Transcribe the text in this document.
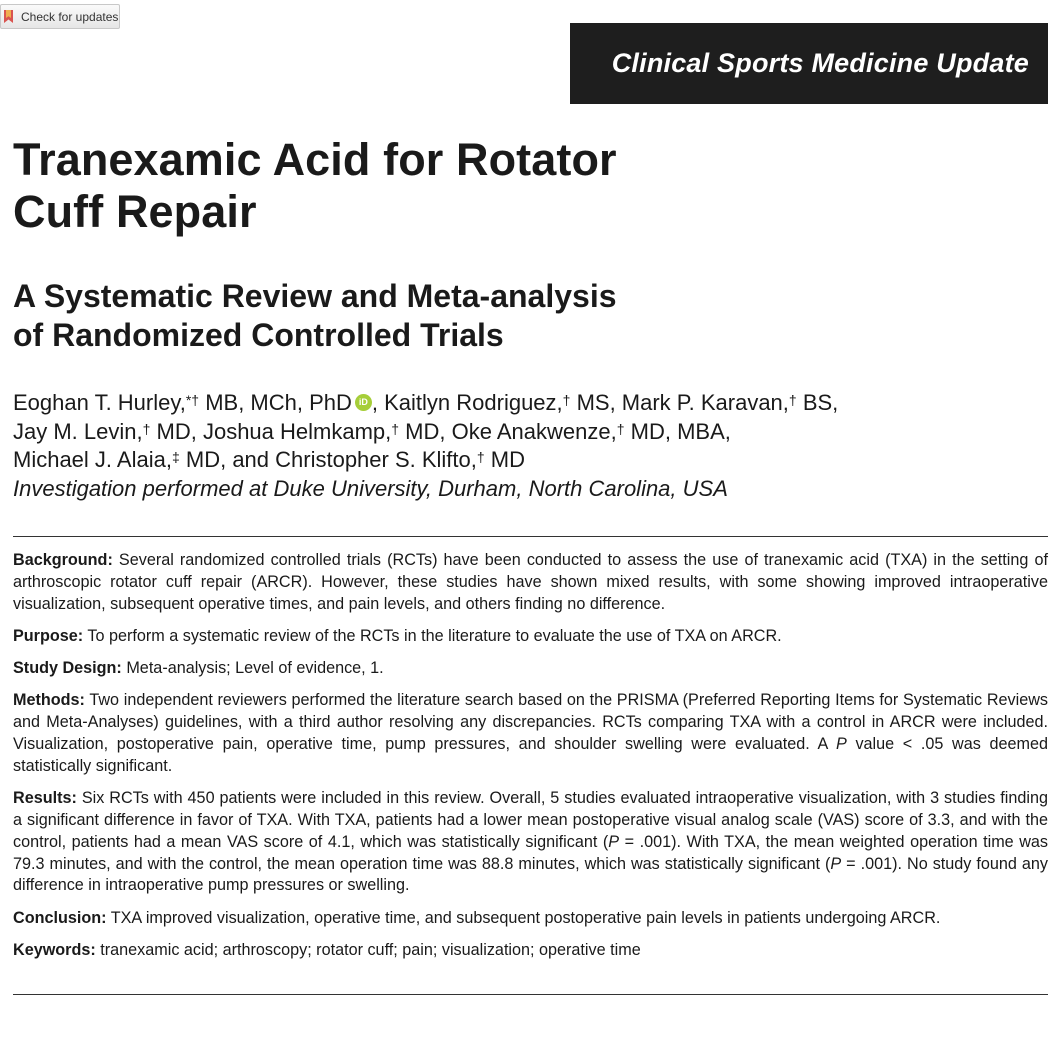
Check for updates
Clinical Sports Medicine Update
Tranexamic Acid for Rotator
Cuff Repair
A Systematic Review and Meta-analysis
of Randomized Controlled Trials
Eoghan T. Hurley,*† MB, MCh, PhD iD , Kaitlyn Rodriguez,† MS, Mark P. Karavan,† BS,
Jay M. Levin,† MD, Joshua Helmkamp,† MD, Oke Anakwenze,† MD, MBA,
Michael J. Alaia,‡ MD, and Christopher S. Klifto,† MD
Investigation performed at Duke University, Durham, North Carolina, USA

Background: Several randomized controlled trials (RCTs) have been conducted to assess the use of tranexamic acid (TXA) in the setting of arthroscopic rotator cuff repair (ARCR). However, these studies have shown mixed results, with some showing improved intraoperative visualization, subsequent operative times, and pain levels, and others finding no difference.

Purpose: To perform a systematic review of the RCTs in the literature to evaluate the use of TXA on ARCR.

Study Design: Meta-analysis; Level of evidence, 1.

Methods: Two independent reviewers performed the literature search based on the PRISMA (Preferred Reporting Items for Systematic Reviews and Meta-Analyses) guidelines, with a third author resolving any discrepancies. RCTs comparing TXA with a control in ARCR were included. Visualization, postoperative pain, operative time, pump pressures, and shoulder swelling were evaluated. A P value < .05 was deemed statistically significant.

Results: Six RCTs with 450 patients were included in this review. Overall, 5 studies evaluated intraoperative visualization, with 3 studies finding a significant difference in favor of TXA. With TXA, patients had a lower mean postoperative visual analog scale (VAS) score of 3.3, and with the control, patients had a mean VAS score of 4.1, which was statistically significant (P = .001). With TXA, the mean weighted operation time was 79.3 minutes, and with the control, the mean operation time was 88.8 minutes, which was statistically significant (P = .001). No study found any difference in intraoperative pump pressures or swelling.

Conclusion: TXA improved visualization, operative time, and subsequent postoperative pain levels in patients undergoing ARCR.

Keywords: tranexamic acid; arthroscopy; rotator cuff; pain; visualization; operative time
